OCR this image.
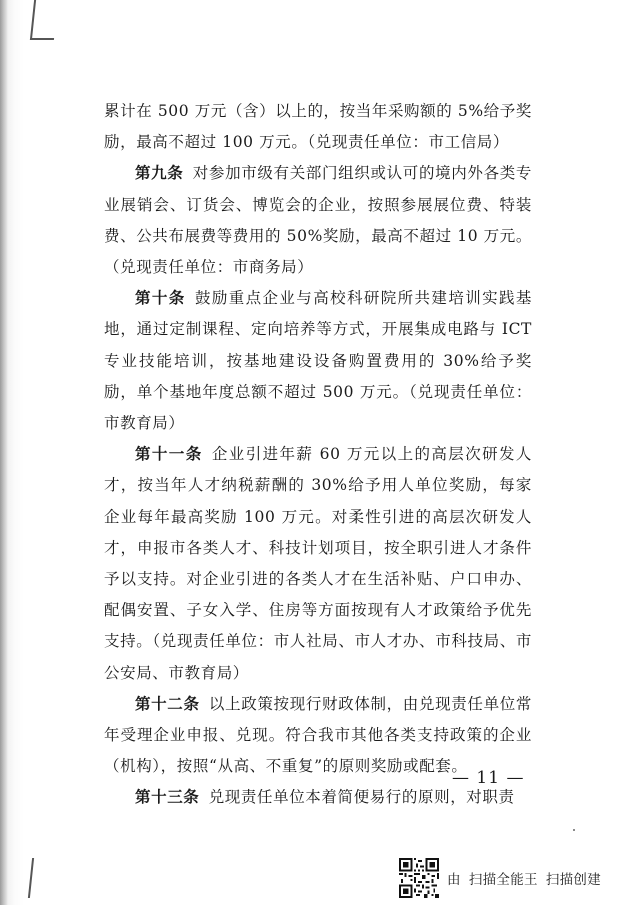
累计在 500 万元（含）以上的，按当年采购额的 5%给予奖励，最高不超过 100 万元。（兑现责任单位：市工信局）

第九条 对参加市级有关部门组织或认可的境内外各类专业展销会、订货会、博览会的企业，按照参展展位费、特装费、公共布展费等费用的 50%奖励，最高不超过 10 万元。（兑现责任单位：市商务局）

第十条 鼓励重点企业与高校科研院所共建培训实践基地，通过定制课程、定向培养等方式，开展集成电路与 ICT 专业技能培训，按基地建设设备购置费用的 30%给予奖励，单个基地年度总额不超过 500 万元。（兑现责任单位：市教育局）

第十一条 企业引进年薪 60 万元以上的高层次研发人才，按当年人才纳税薪酬的 30%给予用人单位奖励，每家企业每年最高奖励 100 万元。对柔性引进的高层次研发人才，申报市各类人才、科技计划项目，按全职引进人才条件予以支持。对企业引进的各类人才在生活补贴、户口申办、配偶安置、子女入学、住房等方面按现有人才政策给予优先支持。（兑现责任单位：市人社局、市人才办、市科技局、市公安局、市教育局）

第十二条 以上政策按现行财政体制，由兑现责任单位常年受理企业申报、兑现。符合我市其他各类支持政策的企业（机构），按照“从高、不重复”的原则奖励或配套。

第十三条 兑现责任单位本着简便易行的原则，对职责

— 11 —
由 扫描全能王 扫描创建
